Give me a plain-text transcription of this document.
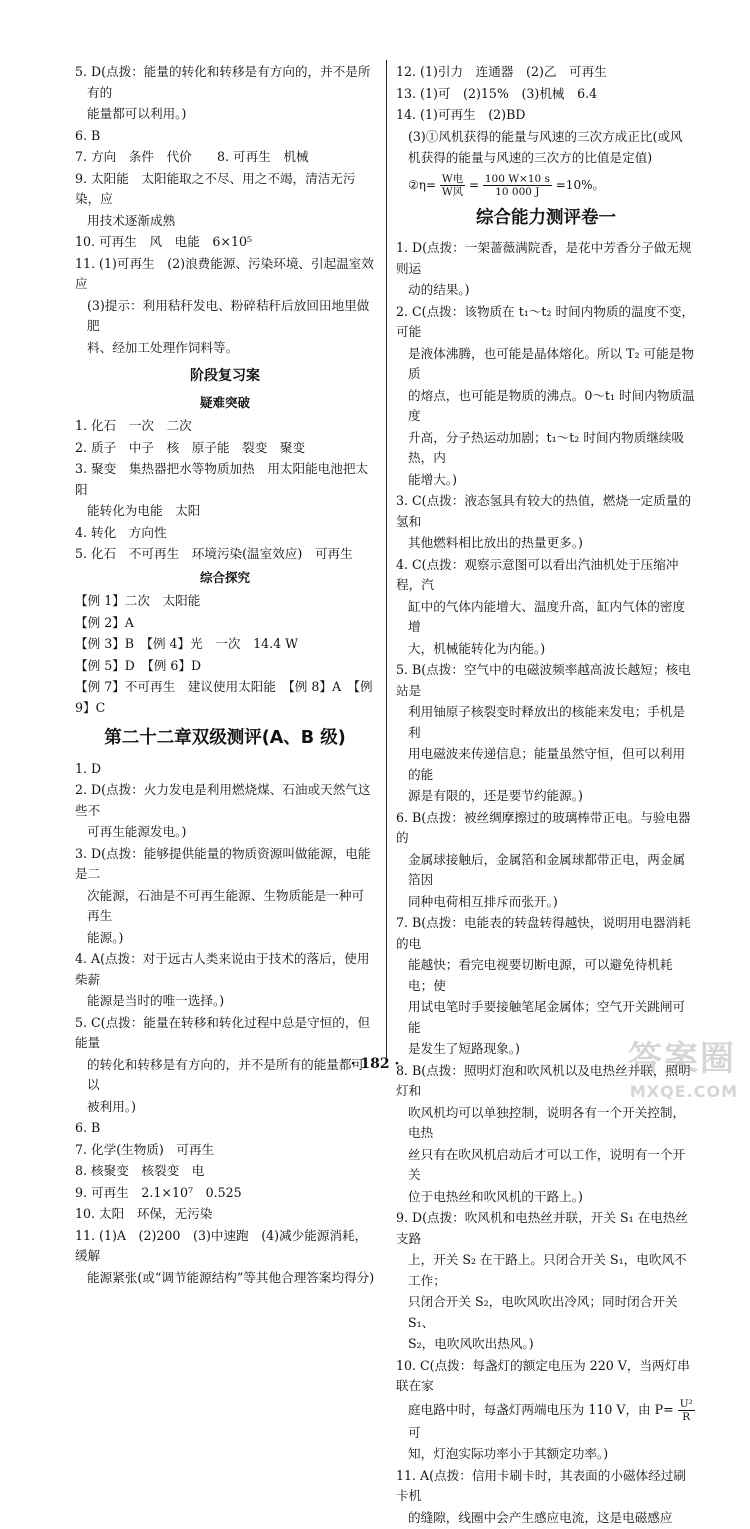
5. D(点拨：能量的转化和转移是有方向的，并不是所有的

能量都可以利用。)

6. B

7. 方向　条件　代价　　8. 可再生　机械

9. 太阳能　太阳能取之不尽、用之不竭，清洁无污染，应

用技术逐渐成熟

10. 可再生　风　电能　6×10⁵

11. (1)可再生　(2)浪费能源、污染环境、引起温室效应

(3)提示：利用秸秆发电、粉碎秸秆后放回田地里做肥

料、经加工处理作饲料等。

阶段复习案

疑难突破

1. 化石　一次　二次

2. 质子　中子　核　原子能　裂变　聚变

3. 聚变　集热器把水等物质加热　用太阳能电池把太阳

能转化为电能　太阳

4. 转化　方向性

5. 化石　不可再生　环境污染(温室效应)　可再生

综合探究

【例 1】二次　太阳能

【例 2】A

【例 3】B　【例 4】光　一次　14.4 W

【例 5】D　【例 6】D

【例 7】不可再生　建议使用太阳能　【例 8】A　【例 9】C

第二十二章双级测评(A、B 级)

1. D

2. D(点拨：火力发电是利用燃烧煤、石油或天然气这些不

可再生能源发电。)

3. D(点拨：能够提供能量的物质资源叫做能源，电能是二

次能源，石油是不可再生能源、生物质能是一种可再生

能源。)

4. A(点拨：对于远古人类来说由于技术的落后，使用柴薪

能源是当时的唯一选择。)

5. C(点拨：能量在转移和转化过程中总是守恒的，但能量

的转化和转移是有方向的，并不是所有的能量都可以

被利用。)

6. B

7. 化学(生物质)　可再生

8. 核聚变　核裂变　电

9. 可再生　2.1×10⁷　0.525

10. 太阳　环保，无污染

11. (1)A　(2)200　(3)中速跑　(4)减少能源消耗，缓解

能源紧张(或“调节能源结构”等其他合理答案均得分)

12. (1)引力　连通器　(2)乙　可再生

13. (1)可　(2)15%　(3)机械　6.4

14. (1)可再生　(2)BD

(3)①风机获得的能量与风速的三次方成正比(或风

机获得的能量与风速的三次方的比值是定值)

②η= $\frac{\text{W电}}{\text{W风}} = \frac{100 W\times 10 s}{10 000 J} =10\%$。

综合能力测评卷一

1. D(点拨：一架蔷薇满院香，是花中芳香分子做无规则运

动的结果。)

2. C(点拨：该物质在 t₁～t₂ 时间内物质的温度不变，可能

是液体沸腾，也可能是晶体熔化。所以 T₂ 可能是物质

的熔点，也可能是物质的沸点。0～t₁ 时间内物质温度

升高，分子热运动加剧；t₁～t₂ 时间内物质继续吸热，内

能增大。)

3. C(点拨：液态氢具有较大的热值，燃烧一定质量的氢和

其他燃料相比放出的热量更多。)

4. C(点拨：观察示意图可以看出汽油机处于压缩冲程，汽

缸中的气体内能增大、温度升高，缸内气体的密度增

大，机械能转化为内能。)

5. B(点拨：空气中的电磁波频率越高波长越短；核电站是

利用铀原子核裂变时释放出的核能来发电；手机是利

用电磁波来传递信息；能量虽然守恒，但可以利用的能

源是有限的，还是要节约能源。)

6. B(点拨：被丝绸摩擦过的玻璃棒带正电。与验电器的

金属球接触后，金属箔和金属球都带正电，两金属箔因

同种电荷相互排斥而张开。)

7. B(点拨：电能表的转盘转得越快，说明用电器消耗的电

能越快；看完电视要切断电源，可以避免待机耗电；使

用试电笔时手要接触笔尾金属体；空气开关跳闸可能

是发生了短路现象。)

8. B(点拨：照明灯泡和吹风机以及电热丝并联，照明灯和

吹风机均可以单独控制，说明各有一个开关控制，电热

丝只有在吹风机启动后才可以工作，说明有一个开关

位于电热丝和吹风机的干路上。)

9. D(点拨：吹风机和电热丝并联，开关 S₁ 在电热丝支路

上，开关 S₂ 在干路上。只闭合开关 S₁，电吹风不工作；

只闭合开关 S₂，电吹风吹出冷风；同时闭合开关 S₁、

S₂，电吹风吹出热风。)

10. C(点拨：每盏灯的额定电压为 220 V，当两灯串联在家

庭电路中时，每盏灯两端电压为 110 V，由 $P= \frac{\text{U²}}{R}$
可

知，灯泡实际功率小于其额定功率。)

11. A(点拨：信用卡刷卡时，其表面的小磁体经过刷卡机

的缝隙，线圈中会产生感应电流，这是电磁感应

· 182 ·	答案圈
MXQE.COM
